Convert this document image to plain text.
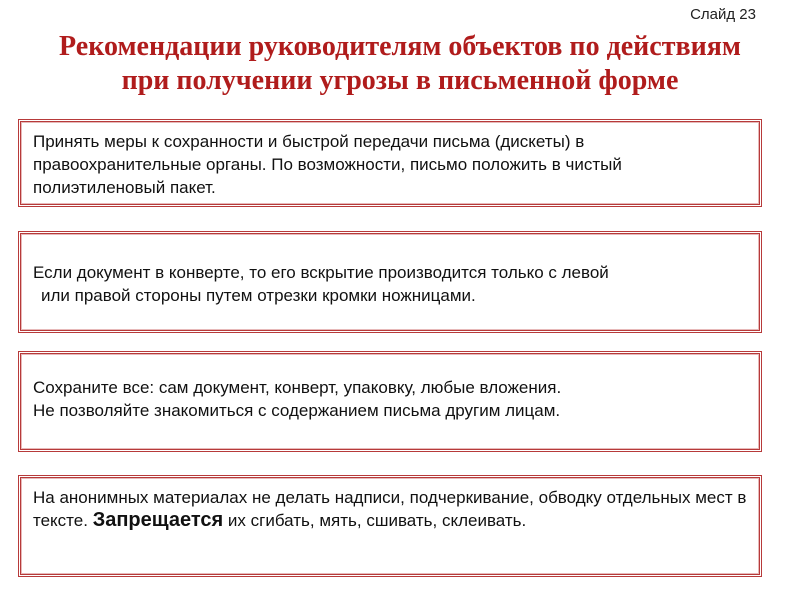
Слайд 23
Рекомендации руководителям объектов по действиям
при получении угрозы в письменной форме

Принять меры к сохранности и быстрой передачи письма (дискеты) в правоохранительные органы. По возможности, письмо положить в чистый полиэтиленовый пакет.

Если документ в конверте, то его вскрытие производится только с левой

или правой стороны путем отрезки кромки ножницами.

Сохраните все: сам документ, конверт, упаковку, любые вложения.

Не позволяйте знакомиться с содержанием письма другим лицам.

На анонимных материалах не делать надписи, подчеркивание, обводку отдельных мест в тексте. Запрещается их сгибать, мять, сшивать, склеивать.
